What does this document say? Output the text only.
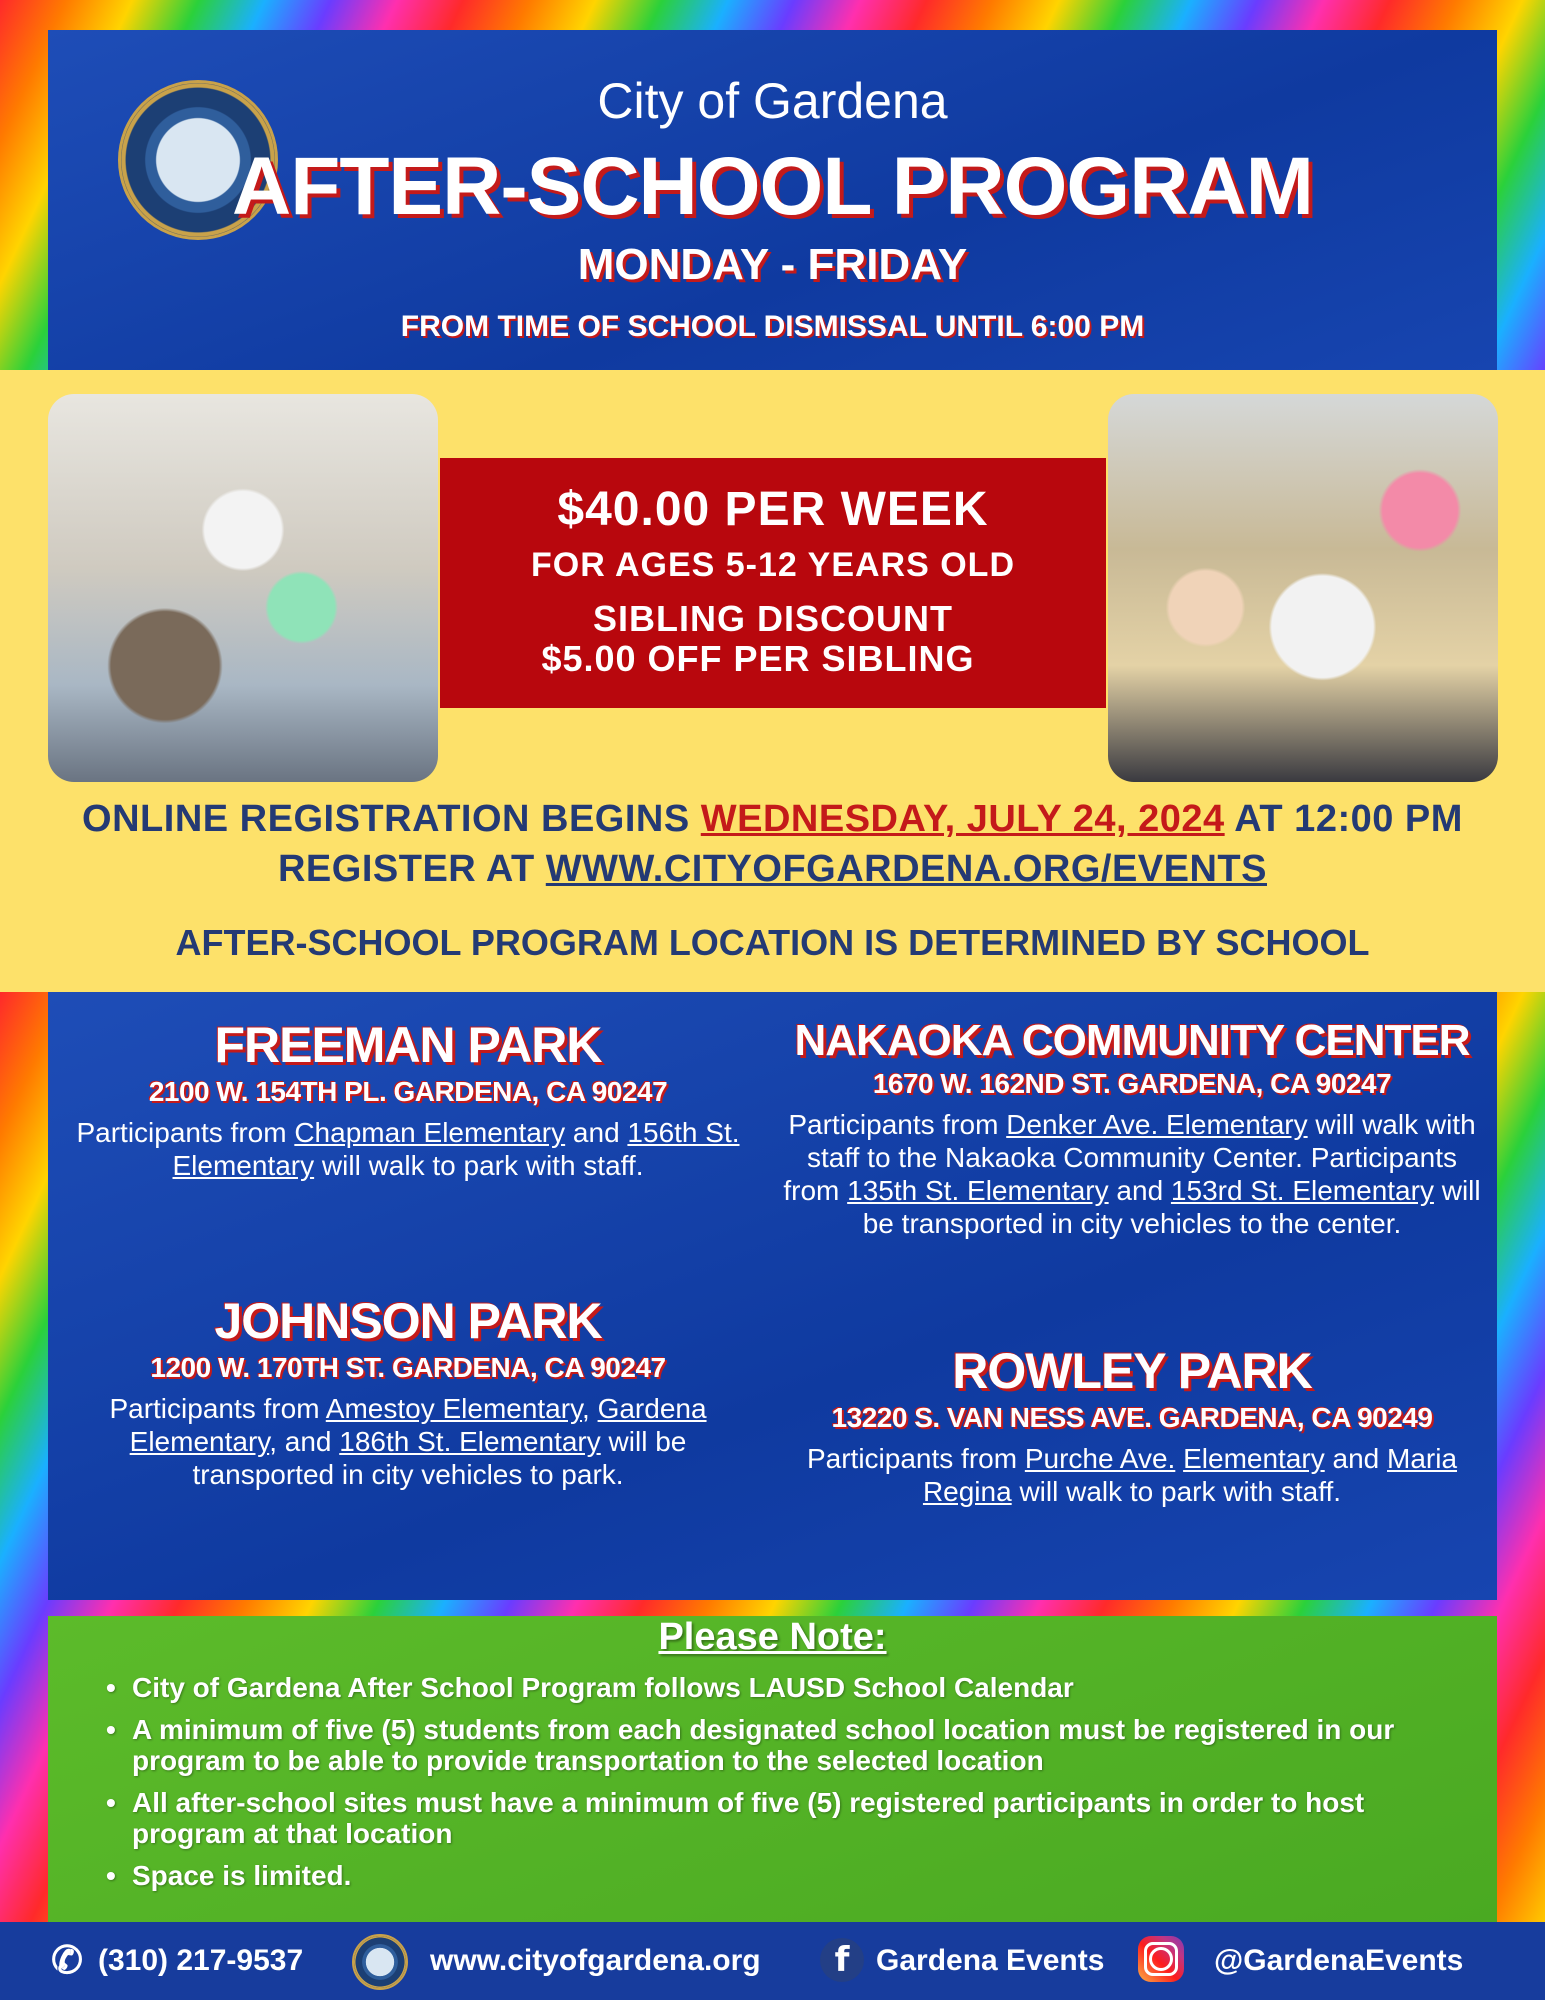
City of Gardena
AFTER-SCHOOL PROGRAM
MONDAY - FRIDAY
FROM TIME OF SCHOOL DISMISSAL UNTIL 6:00 PM
$40.00 PER WEEK
FOR AGES 5-12 YEARS OLD
SIBLING DISCOUNT
$5.00 OFF PER SIBLING
ONLINE REGISTRATION BEGINS WEDNESDAY, JULY 24, 2024 AT 12:00 PM
REGISTER AT WWW.CITYOFGARDENA.ORG/EVENTS
AFTER-SCHOOL PROGRAM LOCATION IS DETERMINED BY SCHOOL
FREEMAN PARK
2100 W. 154TH PL. GARDENA, CA 90247
Participants from Chapman Elementary and 156th St. Elementary will walk to park with staff.
JOHNSON PARK
1200 W. 170TH ST. GARDENA, CA 90247
Participants from Amestoy Elementary, Gardena Elementary, and 186th St. Elementary will be transported in city vehicles to park.
NAKAOKA COMMUNITY CENTER
1670 W. 162ND ST. GARDENA, CA 90247
Participants from Denker Ave. Elementary will walk with staff to the Nakaoka Community Center. Participants from 135th St. Elementary and 153rd St. Elementary will be transported in city vehicles to the center.
ROWLEY PARK
13220 S. VAN NESS AVE. GARDENA, CA 90249
Participants from Purche Ave. Elementary and Maria Regina will walk to park with staff.
Please Note:
• City of Gardena After School Program follows LAUSD School Calendar
• A minimum of five (5) students from each designated school location must be registered in our program to be able to provide transportation to the selected location
• All after-school sites must have a minimum of five (5) registered participants in order to host program at that location
• Space is limited.
✆ (310) 217-9537	www.cityofgardena.org	f Gardena Events	@GardenaEvents
